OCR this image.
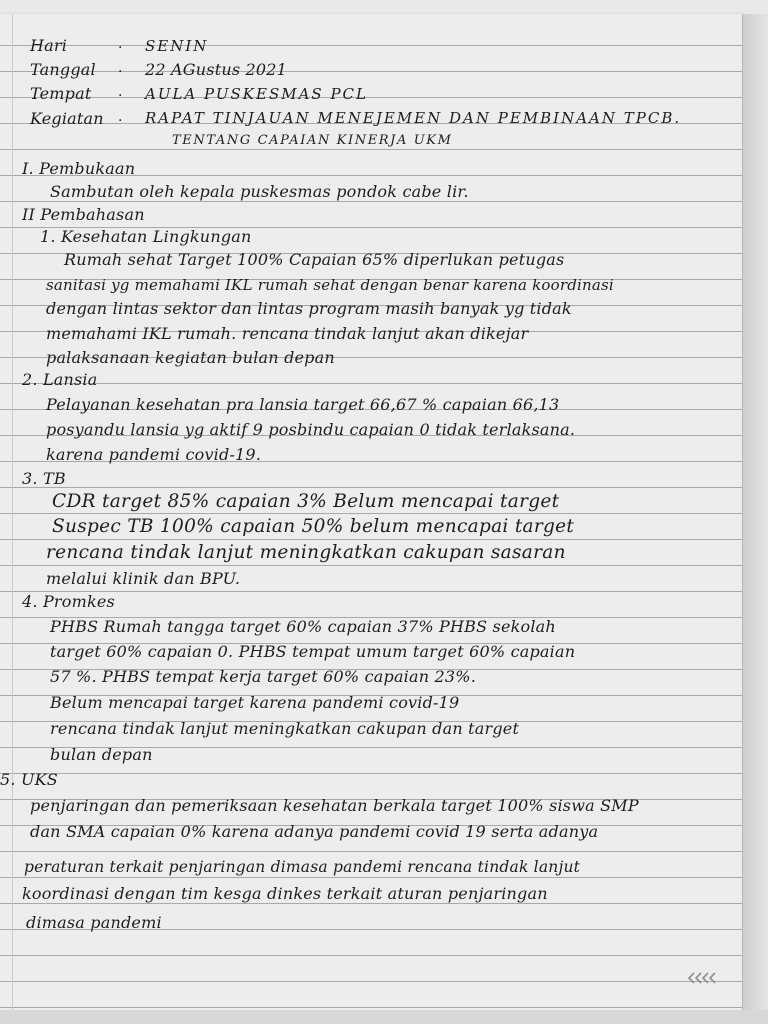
Hari	· SENIN

Tanggal · 22 AGustus 2021

Tempat · AULA PUSKESMAS PCL

Kegiatan · RAPAT TINJAUAN MENEJEMEN DAN PEMBINAAN TPCB.

TENTANG CAPAIAN KINERJA UKM

I. Pembukaan

Sambutan oleh kepala puskesmas pondok cabe lir.

II Pembahasan

1. Kesehatan Lingkungan

Rumah sehat Target 100% Capaian 65% diperlukan petugas

sanitasi yg memahami IKL rumah sehat dengan benar karena koordinasi

dengan lintas sektor dan lintas program masih banyak yg tidak

memahami IKL rumah. rencana tindak lanjut akan dikejar

palaksanaan kegiatan bulan depan

2. Lansia

Pelayanan kesehatan pra lansia target 66,67 % capaian 66,13

posyandu lansia yg aktif 9 posbindu capaian 0 tidak terlaksana.

karena pandemi covid-19.

3. TB

CDR target 85% capaian 3% Belum mencapai target

Suspec TB 100% capaian 50% belum mencapai target

rencana tindak lanjut meningkatkan cakupan sasaran

melalui klinik dan BPU.

4. Promkes

PHBS Rumah tangga target 60% capaian 37% PHBS sekolah

target 60% capaian 0. PHBS tempat umum target 60% capaian

57 %. PHBS tempat kerja target 60% capaian 23%.

Belum mencapai target karena pandemi covid-19

rencana tindak lanjut meningkatkan cakupan dan target

bulan depan

5. UKS

penjaringan dan pemeriksaan kesehatan berkala target 100% siswa SMP

dan SMA capaian 0% karena adanya pandemi covid 19 serta adanya

peraturan terkait penjaringan dimasa pandemi rencana tindak lanjut

koordinasi dengan tim kesga dinkes terkait aturan penjaringan

dimasa pandemi
